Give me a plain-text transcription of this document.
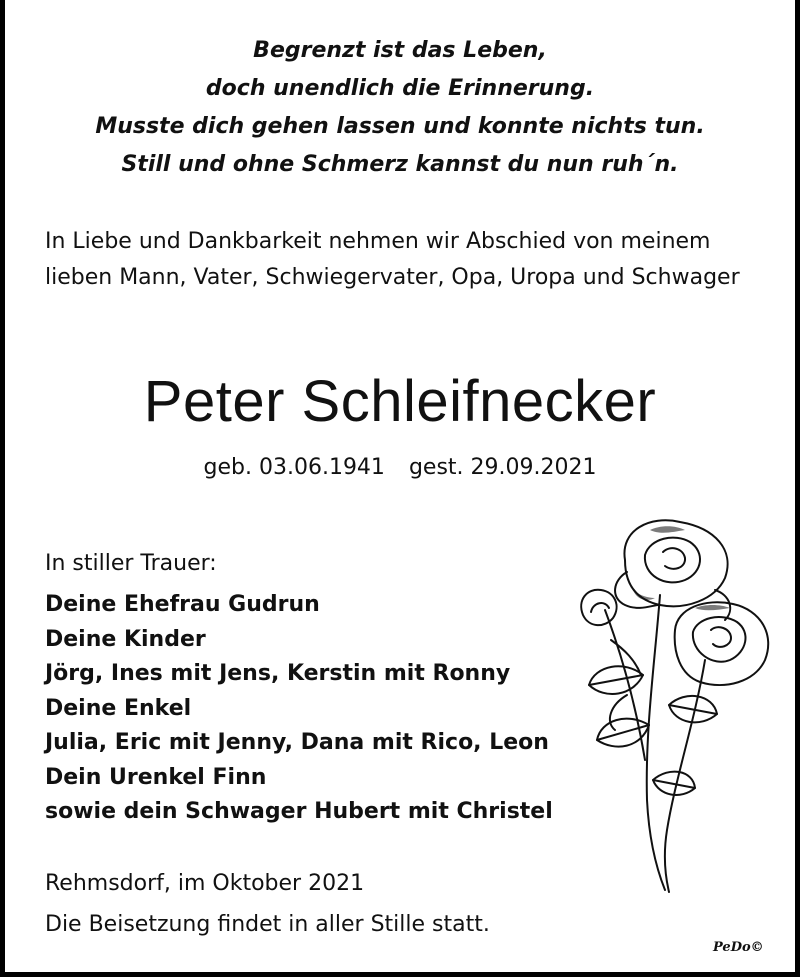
Begrenzt ist das Leben,
doch unendlich die Erinnerung.
Musste dich gehen lassen und konnte nichts tun.
Still und ohne Schmerz kannst du nun ruh´n.
In Liebe und Dankbarkeit nehmen wir Abschied von meinem lieben Mann, Vater, Schwiegervater, Opa, Uropa und Schwager
Peter Schleifnecker
geb. 03.06.1941 gest. 29.09.2021
In stiller Trauer:
Deine Ehefrau Gudrun
Deine Kinder
Jörg, Ines mit Jens, Kerstin mit Ronny
Deine Enkel
Julia, Eric mit Jenny, Dana mit Rico, Leon
Dein Urenkel Finn
sowie dein Schwager Hubert mit Christel
Rehmsdorf, im Oktober 2021
Die Beisetzung findet in aller Stille statt.
PeDo©
